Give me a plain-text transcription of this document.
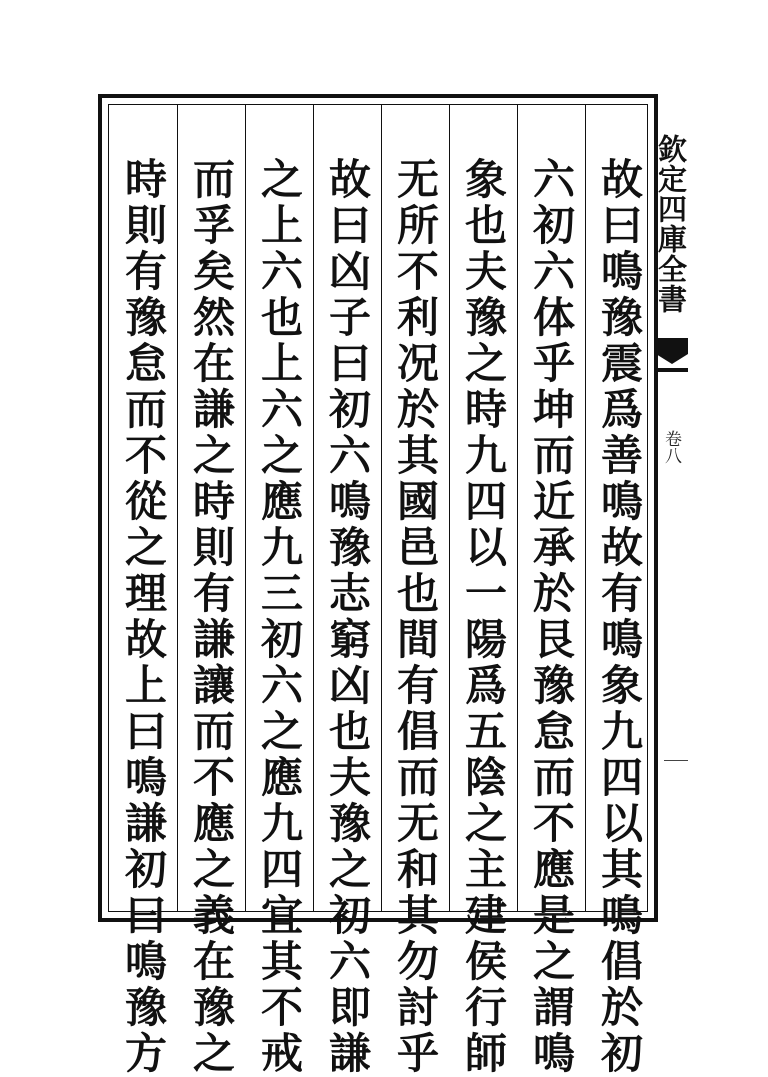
故曰鳴豫震爲善鳴故有鳴象九四以其鳴倡於初
六初六体乎坤而近承於艮豫怠而不應是之謂鳴
象也夫豫之時九四以一陽爲五陰之主建侯行師
无所不利况於其國邑也間有倡而无和其勿討乎
故曰凶子曰初六鳴豫志窮凶也夫豫之初六即謙
之上六也上六之應九三初六之應九四宜其不戒
而孚矣然在謙之時則有謙讓而不應之義在豫之
時則有豫怠而不從之理故上曰鳴謙初曰鳴豫方	欽定四庫全書
卷八
